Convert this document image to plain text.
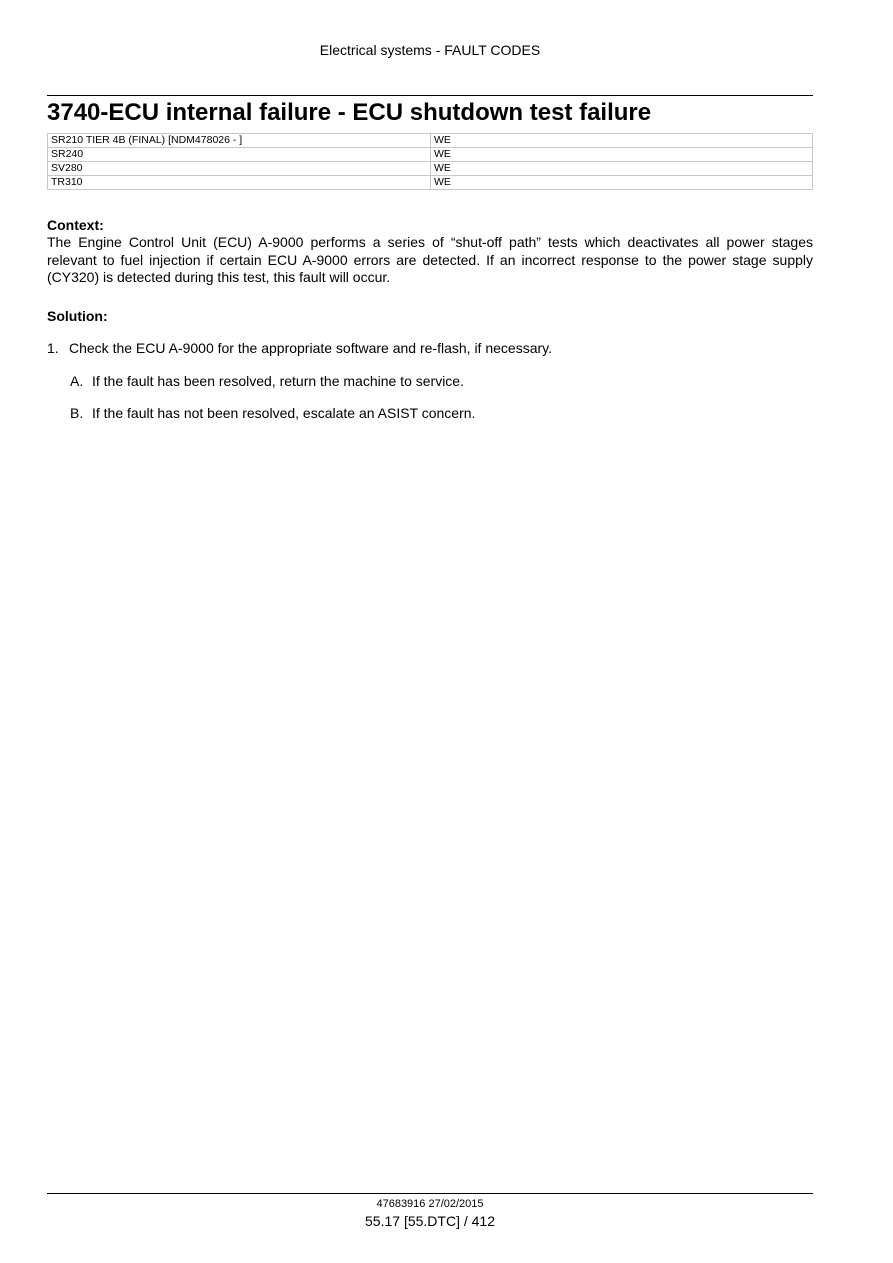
Electrical systems - FAULT CODES
3740-ECU internal failure - ECU shutdown test failure
SR210 TIER 4B (FINAL) [NDM478026 - ]	WE
SR240	WE
SV280	WE
TR310	WE
Context:

The Engine Control Unit (ECU) A-9000 performs a series of “shut-off path” tests which deactivates all power stages
relevant to fuel injection if certain ECU A-9000 errors are detected. If an incorrect response to the power stage supply
(CY320) is detected during this test, this fault will occur.

Solution:
1. Check the ECU A-9000 for the appropriate software and re-flash, if necessary.
A. If the fault has been resolved, return the machine to service.
B. If the fault has not been resolved, escalate an ASIST concern.
47683916 27/02/2015
55.17 [55.DTC] / 412
